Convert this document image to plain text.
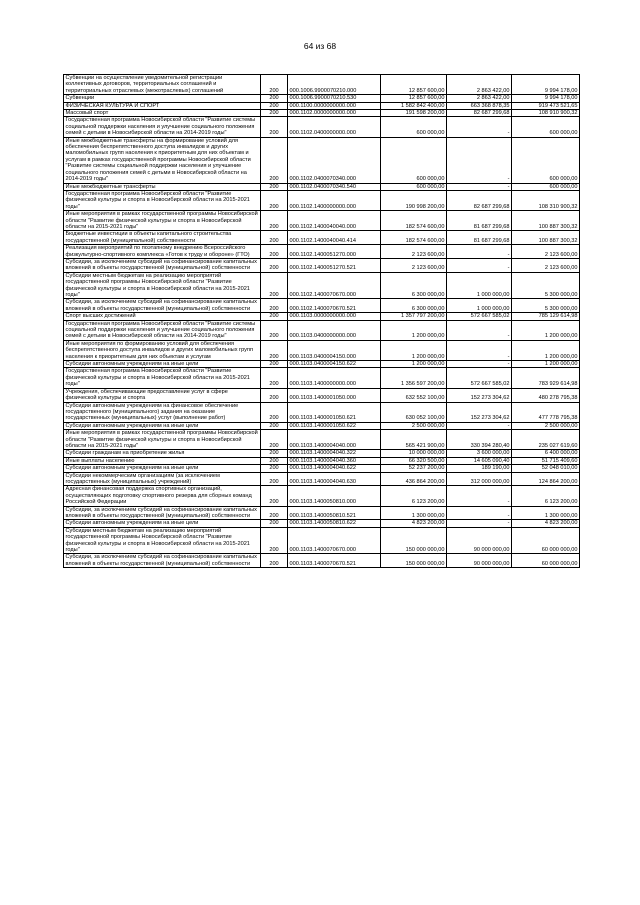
64 из 68
Субвенции на осуществление уведомительной регистрации коллективных договоров, территориальных соглашений и территориальных отраслевых (межотраслевых) соглашений	200	000.1006.9900070210.000	12 857 600,00	2 863 422,00	9 994 178,00
Субвенции	200	000.1006.9900070210.530	12 857 600,00	2 863 422,00	9 994 178,00
ФИЗИЧЕСКАЯ КУЛЬТУРА И СПОРТ	200	000.1100.0000000000.000	1 582 842 400,00	663 368 878,35	919 473 521,65
Массовый спорт	200	000.1102.0000000000.000	191 598 200,00	82 687 299,68	108 910 900,32
Государственная программа Новосибирской области "Развитие системы социальной поддержки населения и улучшение социального положения семей с детьми в Новосибирской области на 2014-2019 годы"	200	000.1102.0400000000.000	600 000,00	-	600 000,00
Иные межбюджетные трансферты на формирование условий для обеспечения беспрепятственного доступа инвалидов и других маломобильных групп населения к приоритетным для них объектам и услугам в рамках государственной программы Новосибирской области "Развитие системы социальной поддержки населения и улучшение социального положения семей с детьми в Новосибирской области на 2014-2019 годы"	200	000.1102.0400070340.000	600 000,00	-	600 000,00
Иные межбюджетные трансферты	200	000.1102.0400070340.540	600 000,00	-	600 000,00
Государственная программа Новосибирской области "Развитие физической культуры и спорта в Новосибирской области на 2015-2021 годы"	200	000.1102.1400000000.000	190 998 200,00	82 687 299,68	108 310 900,32
Иные мероприятия в рамках государственной программы Новосибирской области "Развитие физической культуры и спорта в Новосибирской области на 2015-2021 годы"	200	000.1102.1400040040.000	182 574 600,00	81 687 299,68	100 887 300,32
Бюджетные инвестиции в объекты капитального строительства государственной (муниципальной) собственности	200	000.1102.1400040040.414	182 574 600,00	81 687 299,68	100 887 300,32
Реализация мероприятий по поэтапному внедрению Всероссийского физкультурно-спортивного комплекса «Готов к труду и обороне» (ГТО)	200	000.1102.1400051270.000	2 123 600,00	-	2 123 600,00
Субсидии, за исключением субсидий на софинансирование капитальных вложений в объекты государственной (муниципальной) собственности	200	000.1102.1400051270.521	2 123 600,00	-	2 123 600,00
Субсидии местным бюджетам на реализацию мероприятий государственной программы Новосибирской области "Развитие физической культуры и спорта в Новосибирской области на 2015-2021 годы"	200	000.1102.1400070670.000	6 300 000,00	1 000 000,00	5 300 000,00
Субсидии, за исключением субсидий на софинансирование капитальных вложений в объекты государственной (муниципальной) собственности	200	000.1102.1400070670.521	6 300 000,00	1 000 000,00	5 300 000,00
Спорт высших достижений	200	000.1103.0000000000.000	1 357 797 200,00	572 667 585,02	785 129 614,98
Государственная программа Новосибирской области "Развитие системы социальной поддержки населения и улучшение социального положения семей с детьми в Новосибирской области на 2014-2019 годы"	200	000.1103.0400000000.000	1 200 000,00	-	1 200 000,00
Иные мероприятия по формированию условий для обеспечения беспрепятственного доступа инвалидов и других маломобильных групп населения к приоритетным для них объектам и услугам	200	000.1103.0400004150.000	1 200 000,00	-	1 200 000,00
Субсидии автономным учреждениям на иные цели	200	000.1103.0400004150.622	1 200 000,00	-	1 200 000,00
Государственная программа Новосибирской области "Развитие физической культуры и спорта в Новосибирской области на 2015-2021 годы"	200	000.1103.1400000000.000	1 356 597 200,00	572 667 585,02	783 929 614,98
Учреждения, обеспечивающие предоставление услуг в сфере физической культуры и спорта	200	000.1103.1400001050.000	632 552 100,00	152 273 304,62	480 278 795,38
Субсидии автономным учреждениям на финансовое обеспечение государственного (муниципального) задания на оказание государственных (муниципальных) услуг (выполнение работ)	200	000.1103.1400001050.621	630 052 100,00	152 273 304,62	477 778 795,38
Субсидии автономным учреждениям на иные цели	200	000.1103.1400001050.622	2 500 000,00	-	2 500 000,00
Иные мероприятия в рамках государственной программы Новосибирской области "Развитие физической культуры и спорта в Новосибирской области на 2015-2021 годы"	200	000.1103.1400004040.000	565 421 900,00	330 394 280,40	235 027 619,60
Субсидии гражданам на приобретение жилья	200	000.1103.1400004040.322	10 000 000,00	3 600 000,00	6 400 000,00
Иные выплаты населению	200	000.1103.1400004040.360	66 320 500,00	14 605 090,40	51 715 409,60
Субсидии автономным учреждениям на иные цели	200	000.1103.1400004040.622	52 237 200,00	189 190,00	52 048 010,00
Субсидии некоммерческим организациям (за исключением государственных (муниципальных) учреждений)	200	000.1103.1400004040.630	436 864 200,00	312 000 000,00	124 864 200,00
Адресная финансовая поддержка спортивных организаций, осуществляющих подготовку спортивного резерва для сборных команд Российской Федерации	200	000.1103.1400050810.000	6 123 200,00	-	6 123 200,00
Субсидии, за исключением субсидий на софинансирование капитальных вложений в объекты государственной (муниципальной) собственности	200	000.1103.1400050810.521	1 300 000,00	-	1 300 000,00
Субсидии автономным учреждениям на иные цели	200	000.1103.1400050810.622	4 823 200,00	-	4 823 200,00
Субсидии местным бюджетам на реализацию мероприятий государственной программы Новосибирской области "Развитие физической культуры и спорта в Новосибирской области на 2015-2021 годы"	200	000.1103.1400070670.000	150 000 000,00	90 000 000,00	60 000 000,00
Субсидии, за исключением субсидий на софинансирование капитальных вложений в объекты государственной (муниципальной) собственности	200	000.1103.1400070670.521	150 000 000,00	90 000 000,00	60 000 000,00
